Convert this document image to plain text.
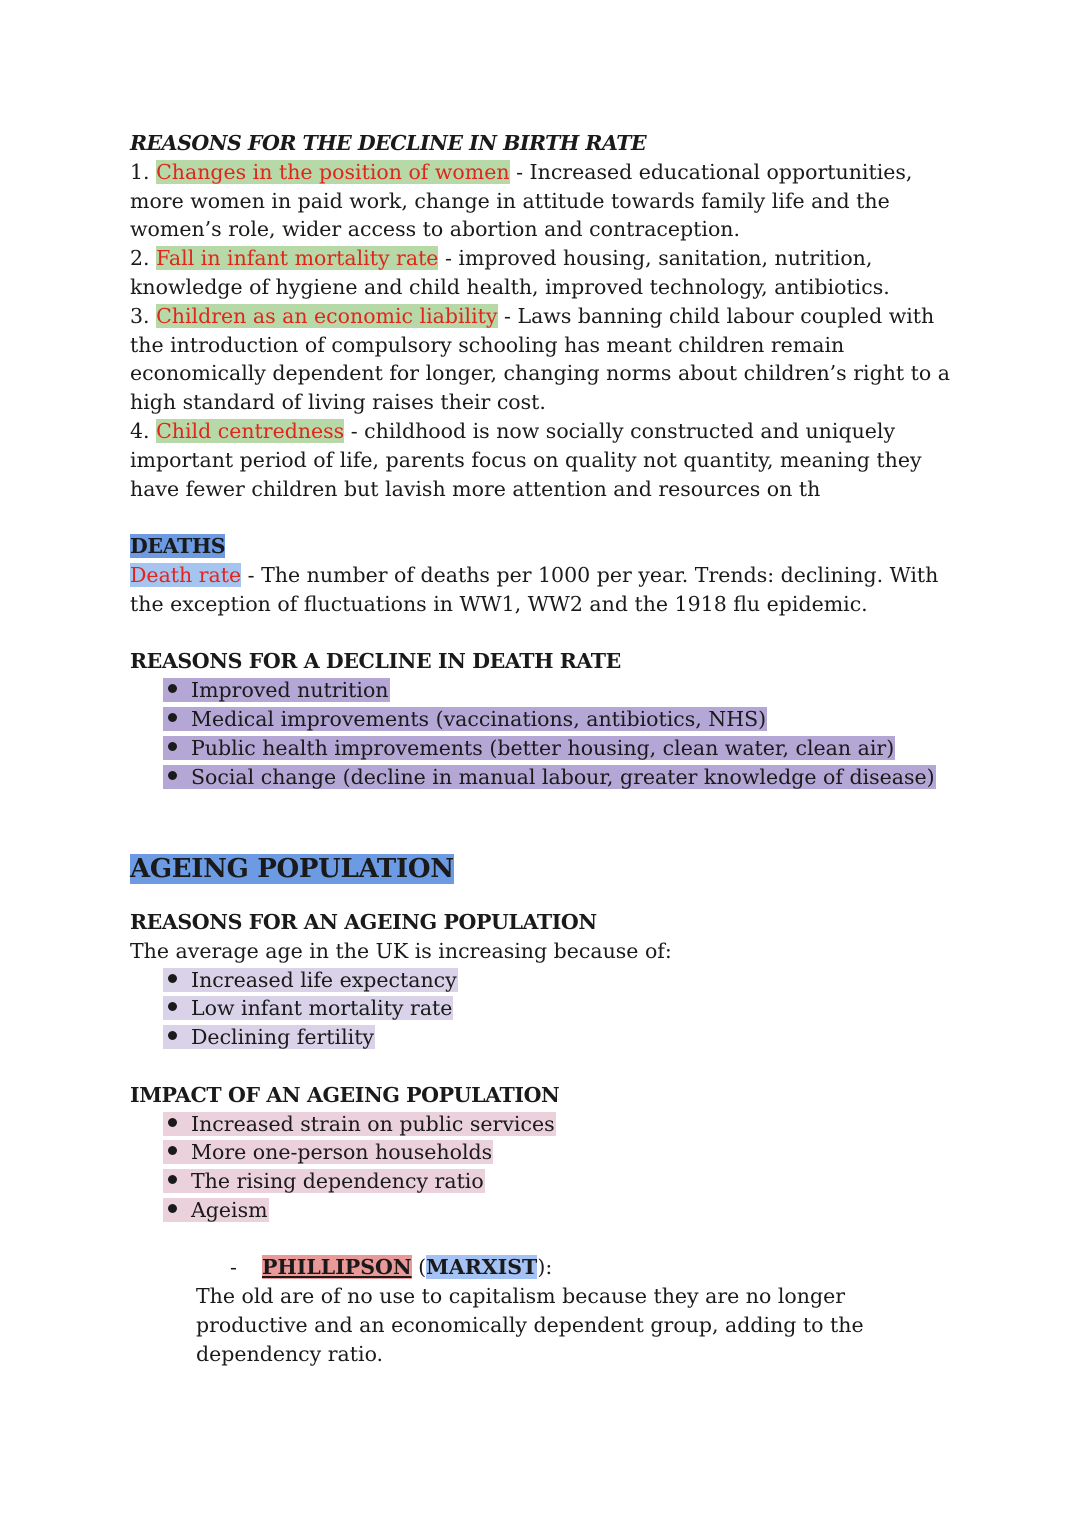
REASONS FOR THE DECLINE IN BIRTH RATE

1. Changes in the position of women - Increased educational opportunities, more women in paid work, change in attitude towards family life and the women’s role, wider access to abortion and contraception.

2. Fall in infant mortality rate - improved housing, sanitation, nutrition, knowledge of hygiene and child health, improved technology, antibiotics.

3. Children as an economic liability - Laws banning child labour coupled with the introduction of compulsory schooling has meant children remain economically dependent for longer, changing norms about children’s right to a high standard of living raises their cost.

4. Child centredness - childhood is now socially constructed and uniquely important period of life, parents focus on quality not quantity, meaning they have fewer children but lavish more attention and resources on th

DEATHS

Death rate - The number of deaths per 1000 per year. Trends: declining. With the exception of fluctuations in WW1, WW2 and the 1918 flu epidemic.

REASONS FOR A DECLINE IN DEATH RATE

Improved nutrition
Medical improvements (vaccinations, antibiotics, NHS)
Public health improvements (better housing, clean water, clean air)
Social change (decline in manual labour, greater knowledge of disease)

AGEING POPULATION

REASONS FOR AN AGEING POPULATION

The average age in the UK is increasing because of:

Increased life expectancy
Low infant mortality rate
Declining fertility

IMPACT OF AN AGEING POPULATION

Increased strain on public services
More one-person households
The rising dependency ratio
Ageism

- PHILLIPSON (MARXIST):

The old are of no use to capitalism because they are no longer productive and an economically dependent group, adding to the dependency ratio.
